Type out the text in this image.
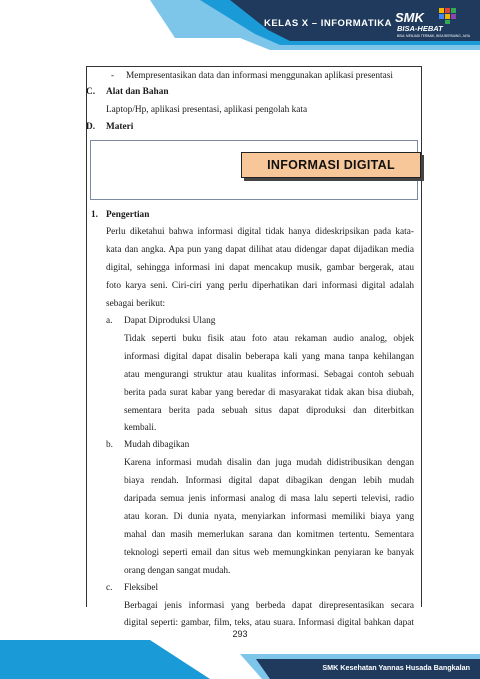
KELAS X – INFORMATIKA SMK
BISA-HEBAT
BISA: MENJADI TERBAIK, BISA BERSAING, JAYA
- Mempresentasikan data dan informasi menggunakan aplikasi presentasi
C. Alat dan Bahan
Laptop/Hp, aplikasi presentasi, aplikasi pengolah kata
D. Materi
INFORMASI DIGITAL
1. Pengertian
Perlu diketahui bahwa informasi digital tidak hanya dideskripsikan pada kata-
kata dan angka. Apa pun yang dapat dilihat atau didengar dapat dijadikan media
digital, sehingga informasi ini dapat mencakup musik, gambar bergerak, atau
foto karya seni. Ciri-ciri yang perlu diperhatikan dari informasi digital adalah
sebagai berikut:
a. Dapat Diproduksi Ulang
Tidak seperti buku fisik atau foto atau rekaman audio analog, objek
informasi digital dapat disalin beberapa kali yang mana tanpa kehilangan
atau mengurangi struktur atau kualitas informasi. Sebagai contoh sebuah
berita pada surat kabar yang beredar di masyarakat tidak akan bisa diubah,
sementara berita pada sebuah situs dapat diproduksi dan diterbitkan
kembali.
b. Mudah dibagikan
Karena informasi mudah disalin dan juga mudah didistribusikan dengan
biaya rendah. Informasi digital dapat dibagikan dengan lebih mudah
daripada semua jenis informasi analog di masa lalu seperti televisi, radio
atau koran. Di dunia nyata, menyiarkan informasi memiliki biaya yang
mahal dan masih memerlukan sarana dan komitmen tertentu. Sementara
teknologi seperti email dan situs web memungkinkan penyiaran ke banyak
orang dengan sangat mudah.
c. Fleksibel
Berbagai jenis informasi yang berbeda dapat direpresentasikan secara
digital seperti: gambar, film, teks, atau suara. Informasi digital bahkan dapat
293
SMK Kesehatan Yannas Husada Bangkalan
